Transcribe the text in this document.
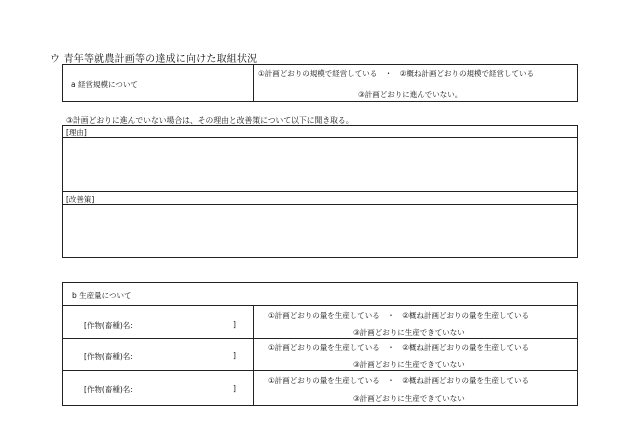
ウ 青年等就農計画等の達成に向けた取組状況
a 経営規模について
①計画どおりの規模で経営している　・　②概ね計画どおりの規模で経営している
③計画どおりに進んでいない。
③計画どおりに進んでいない場合は、その理由と改善策について以下に聞き取る。
[理由]
[改善策]
b 生産量について
[作物(畜種)名:	]
①計画どおりの量を生産している　・　②概ね計画どおりの量を生産している
③計画どおりに生産できていない
[作物(畜種)名:	]
①計画どおりの量を生産している　・　②概ね計画どおりの量を生産している
③計画どおりに生産できていない
[作物(畜種)名:	]
①計画どおりの量を生産している　・　②概ね計画どおりの量を生産している
③計画どおりに生産できていない
